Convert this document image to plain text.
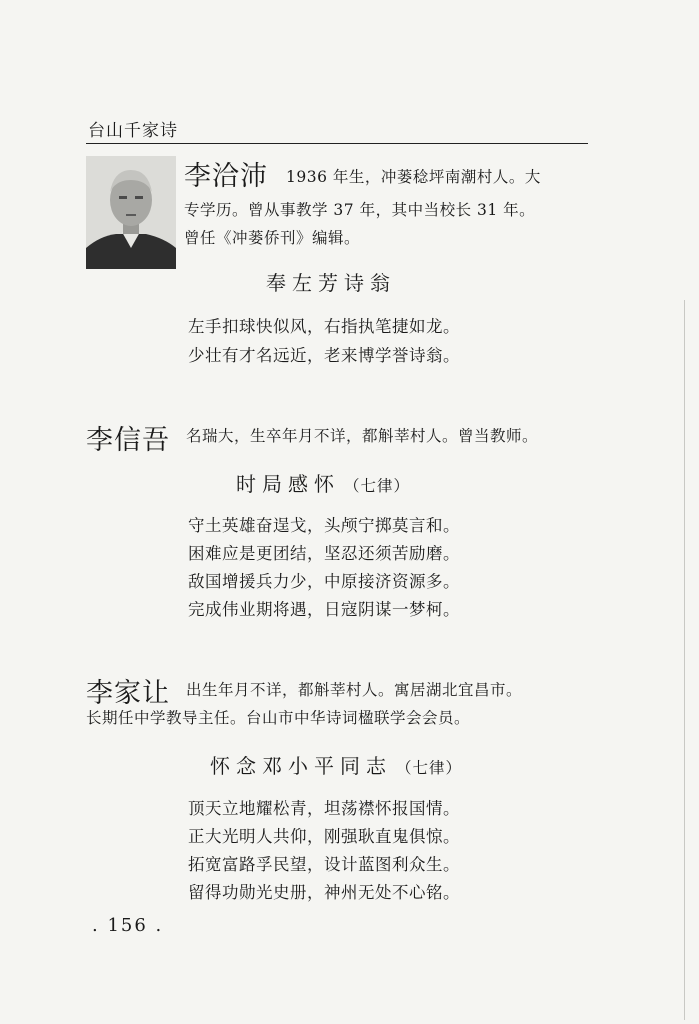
台山千家诗
李洽沛 1936 年生，冲蒌稔坪南潮村人。大
专学历。曾从事教学 37 年，其中当校长 31 年。
曾任《冲蒌侨刊》编辑。
奉左芳诗翁
左手扣球快似风，右指执笔捷如龙。
少壮有才名远近，老来博学誉诗翁。
李信吾 名瑞大，生卒年月不详，都斛莘村人。曾当教师。
时局感怀 （七律）
守土英雄奋逞戈，头颅宁掷莫言和。
困难应是更团结，坚忍还须苦励磨。
敌国增援兵力少，中原接济资源多。
完成伟业期将遇，日寇阴谋一梦柯。
李家让 出生年月不详，都斛莘村人。寓居湖北宜昌市。
长期任中学教导主任。台山市中华诗词楹联学会会员。
怀念邓小平同志 （七律）
顶天立地耀松青，坦荡襟怀报国情。
正大光明人共仰，刚强耿直鬼俱惊。
拓宽富路孚民望，设计蓝图利众生。
留得功勋光史册，神州无处不心铭。
. 156 .
